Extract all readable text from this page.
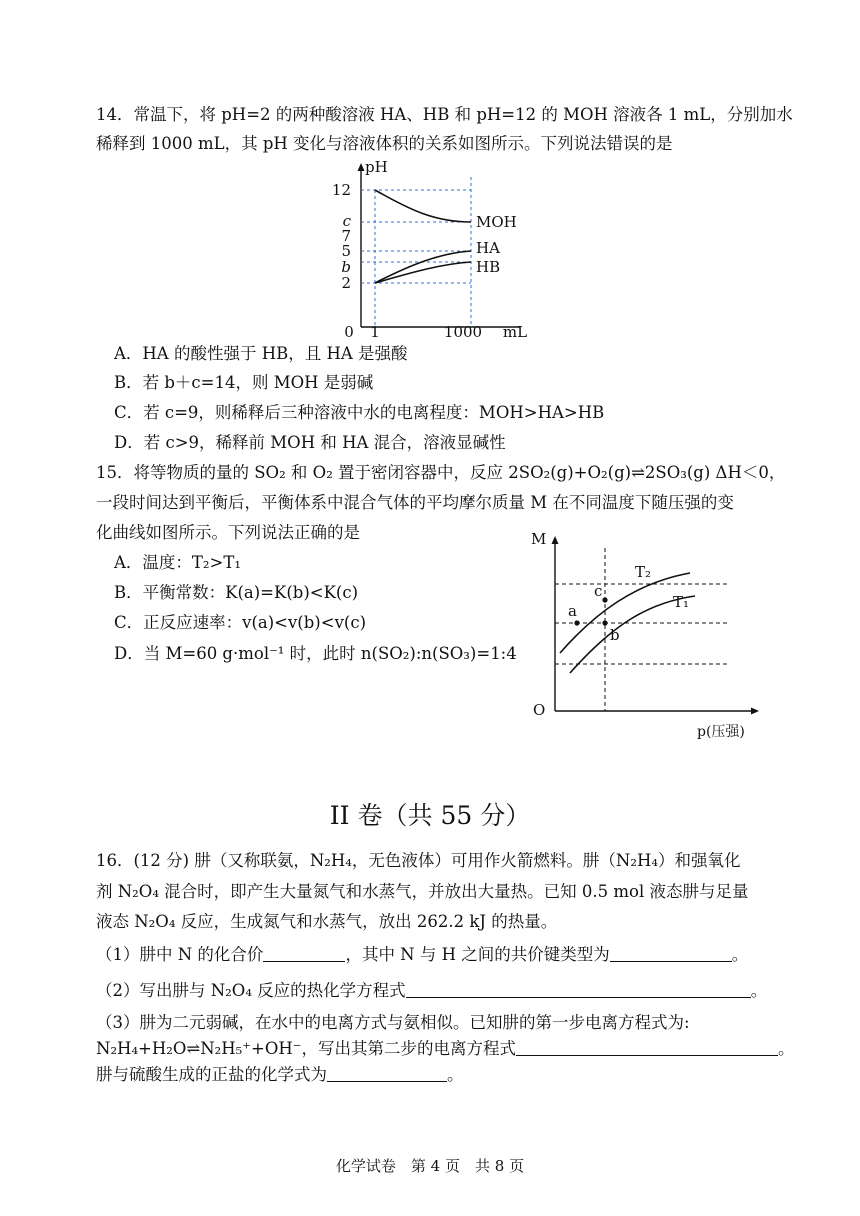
14．常温下，将 pH=2 的两种酸溶液 HA、HB 和 pH=12 的 MOH 溶液各 1 mL，分别加水
稀释到 1000 mL，其 pH 变化与溶液体积的关系如图所示。下列说法错误的是
pH
12
c
7
5
b
2
0 1	1000 mL
MOH
HA
HB
A．HA 的酸性强于 HB，且 HA 是强酸
B．若 b＋c=14，则 MOH 是弱碱
C．若 c=9，则稀释后三种溶液中水的电离程度：MOH>HA>HB
D．若 c>9，稀释前 MOH 和 HA 混合，溶液显碱性
15．将等物质的量的 SO₂ 和 O₂ 置于密闭容器中，反应 2SO₂(g)+O₂(g)⇌2SO₃(g) ΔH＜0，
一段时间达到平衡后，平衡体系中混合气体的平均摩尔质量 M 在不同温度下随压强的变
化曲线如图所示。下列说法正确的是
A．温度：T₂>T₁
B．平衡常数：K(a)=K(b)<K(c)
C．正反应速率：v(a)<v(b)<v(c)
D．当 M=60 g·mol⁻¹ 时，此时 n(SO₂):n(SO₃)=1:4
M
O
p(压强)
T₂
T₁
a
b
c
II 卷（共 55 分）
16．(12 分) 肼（又称联氨，N₂H₄，无色液体）可用作火箭燃料。肼（N₂H₄）和强氧化
剂 N₂O₄ 混合时，即产生大量氮气和水蒸气，并放出大量热。已知 0.5 mol 液态肼与足量
液态 N₂O₄ 反应，生成氮气和水蒸气，放出 262.2 kJ 的热量。
（1）肼中 N 的化合价	，其中 N 与 H 之间的共价键类型为	。
（2）写出肼与 N₂O₄ 反应的热化学方程式	。
（3）肼为二元弱碱，在水中的电离方式与氨相似。已知肼的第一步电离方程式为:
N₂H₄+H₂O⇌N₂H₅⁺+OH⁻，写出其第二步的电离方程式	。
肼与硫酸生成的正盐的化学式为	。
化学试卷　第 4 页　共 8 页
